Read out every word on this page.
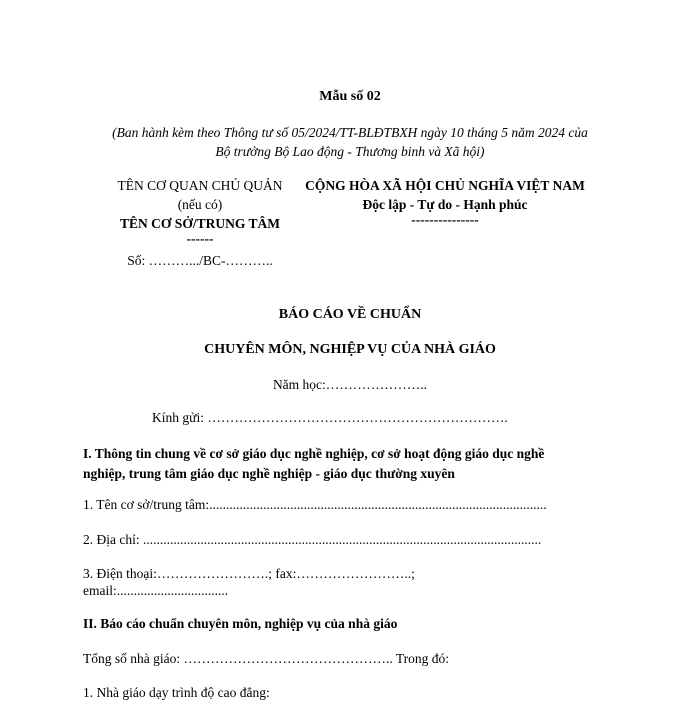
Mẫu số 02
(Ban hành kèm theo Thông tư số 05/2024/TT-BLĐTBXH ngày 10 tháng 5 năm 2024 của
Bộ trưởng Bộ Lao động - Thương binh và Xã hội)
TÊN CƠ QUAN CHỦ QUẢN
(nếu có)
TÊN CƠ SỞ/TRUNG TÂM
------
Số: ……….../BC-………..
CỘNG HÒA XÃ HỘI CHỦ NGHĨA VIỆT NAM
Độc lập - Tự do - Hạnh phúc
---------------
BÁO CÁO VỀ CHUẨN
CHUYÊN MÔN, NGHIỆP VỤ CỦA NHÀ GIÁO
Năm học:…………………..
Kính gửi: ………………………………………………………….
I. Thông tin chung về cơ sở giáo dục nghề nghiệp, cơ sở hoạt động giáo dục nghề
nghiệp, trung tâm giáo dục nghề nghiệp - giáo dục thường xuyên
1. Tên cơ sở/trung tâm:....................................................................................................
2. Địa chỉ: ......................................................................................................................
3. Điện thoại:…………………….; fax:……………………..;
email:.................................
II. Báo cáo chuẩn chuyên môn, nghiệp vụ của nhà giáo
Tổng số nhà giáo: ……………………………………….. Trong đó:
1. Nhà giáo dạy trình độ cao đẳng:
